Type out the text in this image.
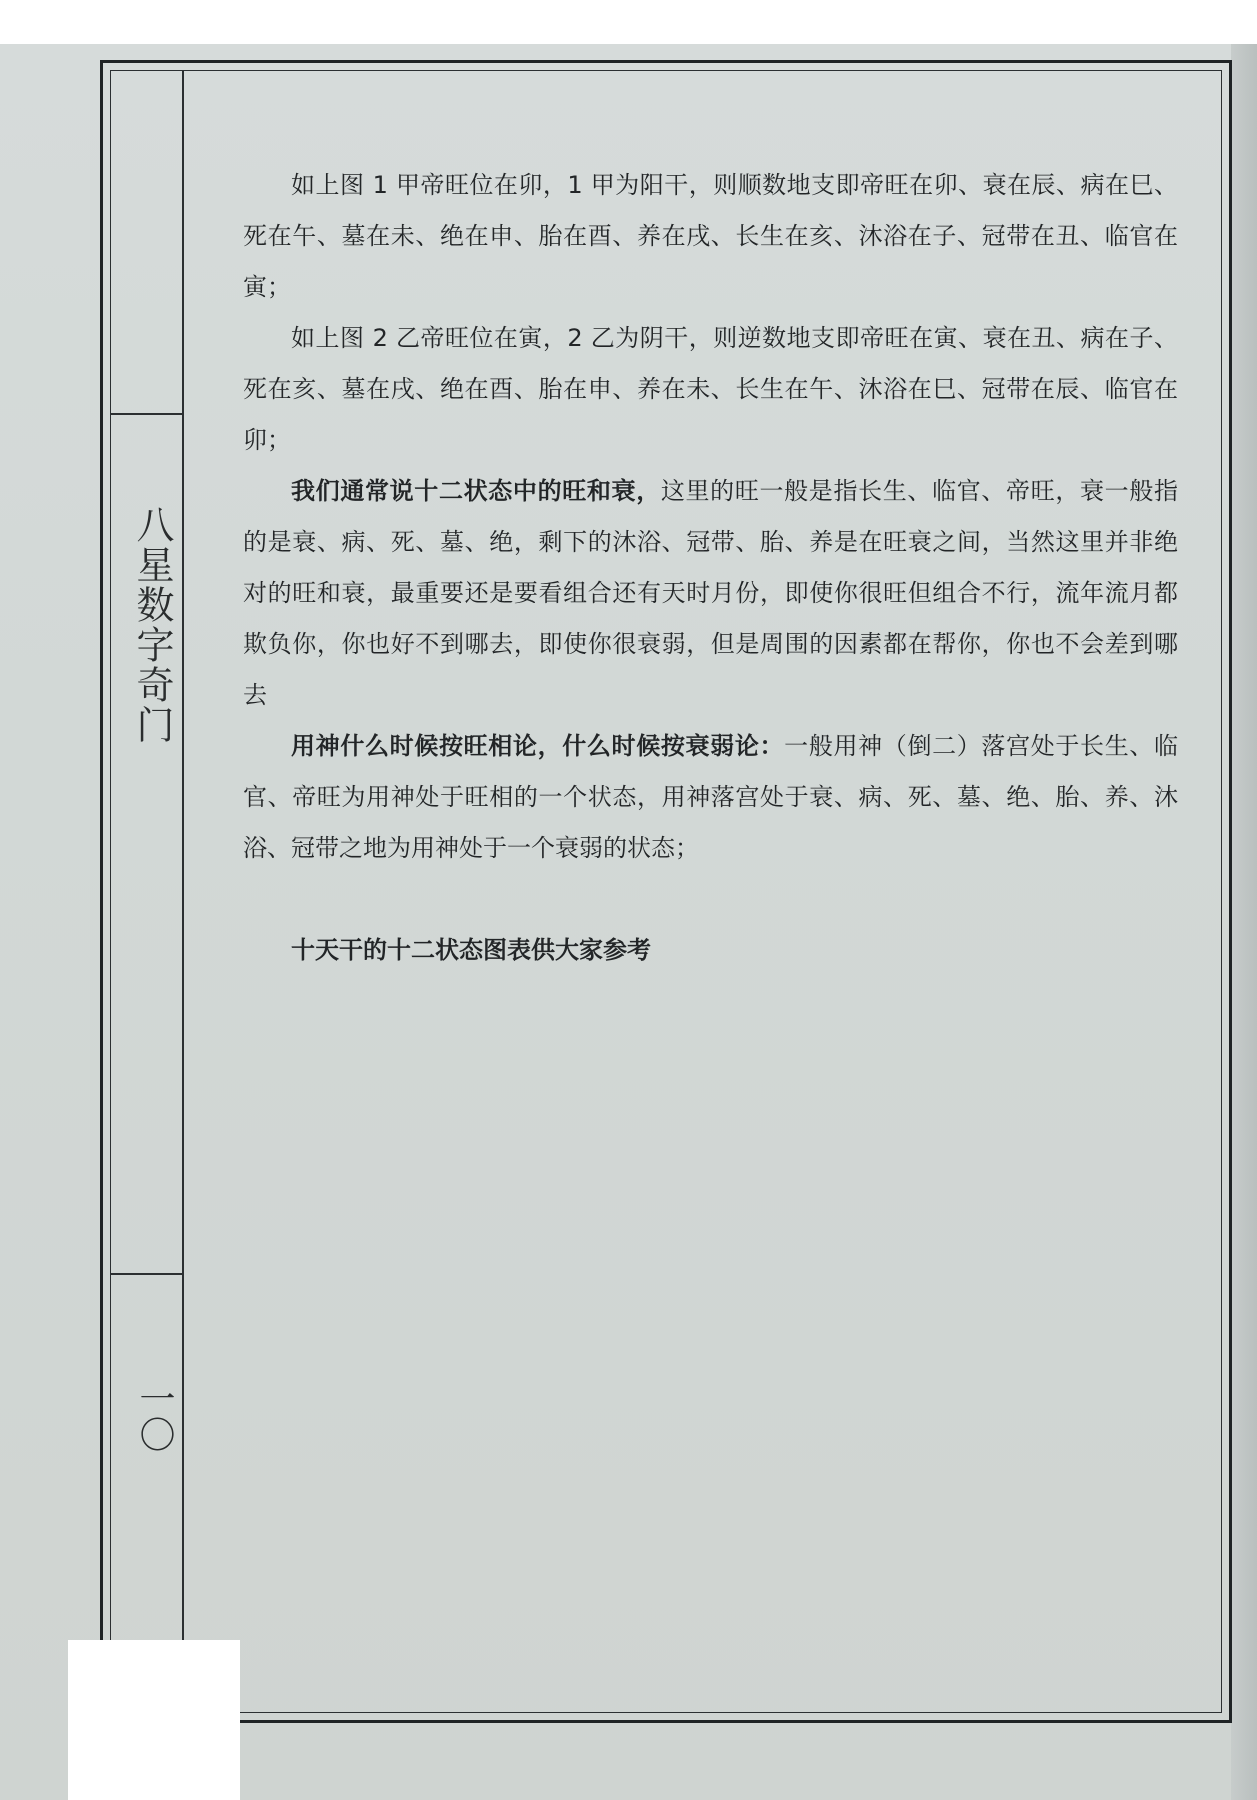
八星数字奇门
一〇

如上图 1 甲帝旺位在卯，1 甲为阳干，则顺数地支即帝旺在卯、衰在辰、病在巳、死在午、墓在未、绝在申、胎在酉、养在戌、长生在亥、沐浴在子、冠带在丑、临官在寅；

如上图 2 乙帝旺位在寅，2 乙为阴干，则逆数地支即帝旺在寅、衰在丑、病在子、死在亥、墓在戌、绝在酉、胎在申、养在未、长生在午、沐浴在巳、冠带在辰、临官在卯；

我们通常说十二状态中的旺和衰，这里的旺一般是指长生、临官、帝旺，衰一般指的是衰、病、死、墓、绝，剩下的沐浴、冠带、胎、养是在旺衰之间，当然这里并非绝对的旺和衰，最重要还是要看组合还有天时月份，即使你很旺但组合不行，流年流月都欺负你，你也好不到哪去，即使你很衰弱，但是周围的因素都在帮你，你也不会差到哪去

用神什么时候按旺相论，什么时候按衰弱论：一般用神（倒二）落宫处于长生、临官、帝旺为用神处于旺相的一个状态，用神落宫处于衰、病、死、墓、绝、胎、养、沐浴、冠带之地为用神处于一个衰弱的状态；

十天干的十二状态图表供大家参考
